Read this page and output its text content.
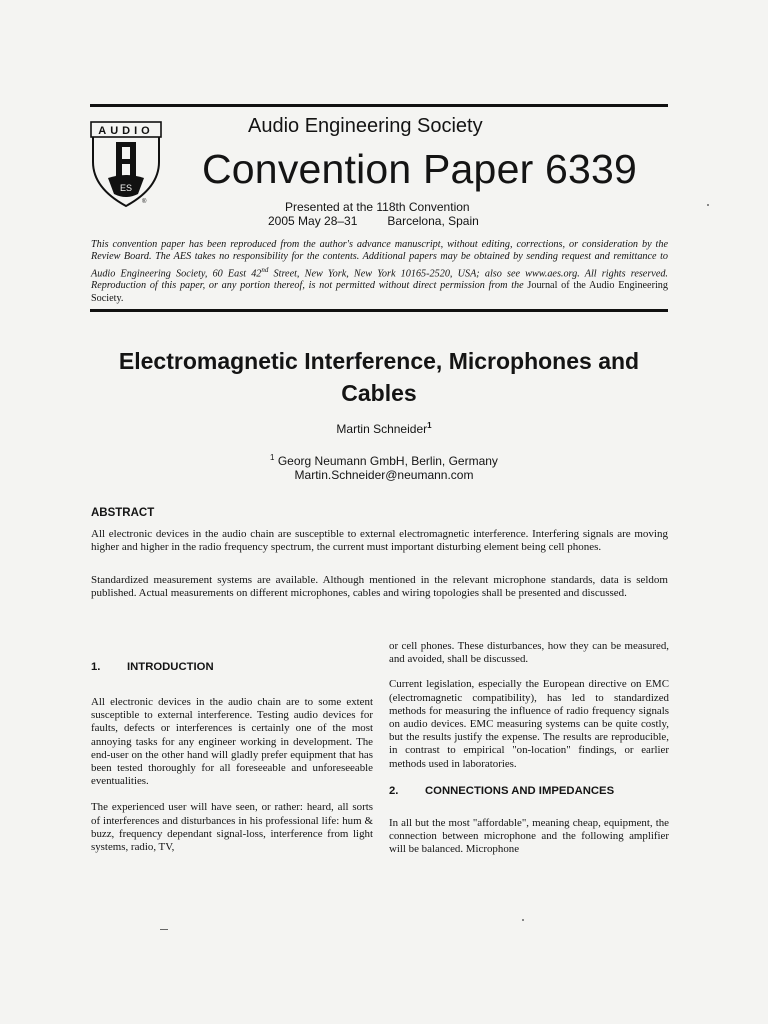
AUDIO
ES
®
Audio Engineering Society
Convention Paper 6339
Presented at the 118th Convention
2005 May 28–31	Barcelona, Spain
This convention paper has been reproduced from the author's advance manuscript, without editing, corrections, or consideration by the Review Board. The AES takes no responsibility for the contents. Additional papers may be obtained by sending request and remittance to Audio Engineering Society, 60 East 42nd Street, New York, New York 10165-2520, USA; also see www.aes.org. All rights reserved. Reproduction of this paper, or any portion thereof, is not permitted without direct permission from the Journal of the Audio Engineering Society.
Electromagnetic Interference, Microphones and Cables
Martin Schneider$^1$
$^1$ Georg Neumann GmbH, Berlin, Germany
Martin.Schneider@neumann.com
ABSTRACT
All electronic devices in the audio chain are susceptible to external electromagnetic interference. Interfering signals are moving higher and higher in the radio frequency spectrum, the current must important disturbing element being cell phones.
Standardized measurement systems are available. Although mentioned in the relevant microphone standards, data is seldom published. Actual measurements on different microphones, cables and wiring topologies shall be presented and discussed.
1. INTRODUCTION

All electronic devices in the audio chain are to some extent susceptible to external interference. Testing audio devices for faults, defects or interferences is certainly one of the most annoying tasks for any engineer working in development. The end-user on the other hand will gladly prefer equipment that has been tested thoroughly for all foreseeable and unforeseeable eventualities.

The experienced user will have seen, or rather: heard, all sorts of interferences and disturbances in his professional life: hum & buzz, frequency dependant signal-loss, interference from light systems, radio, TV,

or cell phones. These disturbances, how they can be measured, and avoided, shall be discussed.

Current legislation, especially the European directive on EMC (electromagnetic compatibility), has led to standardized methods for measuring the influence of radio frequency signals on audio devices. EMC measuring systems can be quite costly, but the results justify the expense. The results are reproducible, in contrast to empirical "on-location" findings, or earlier methods used in laboratories.

2. CONNECTIONS AND IMPEDANCES

In all but the most "affordable", meaning cheap, equipment, the connection between microphone and the following amplifier will be balanced. Microphone
